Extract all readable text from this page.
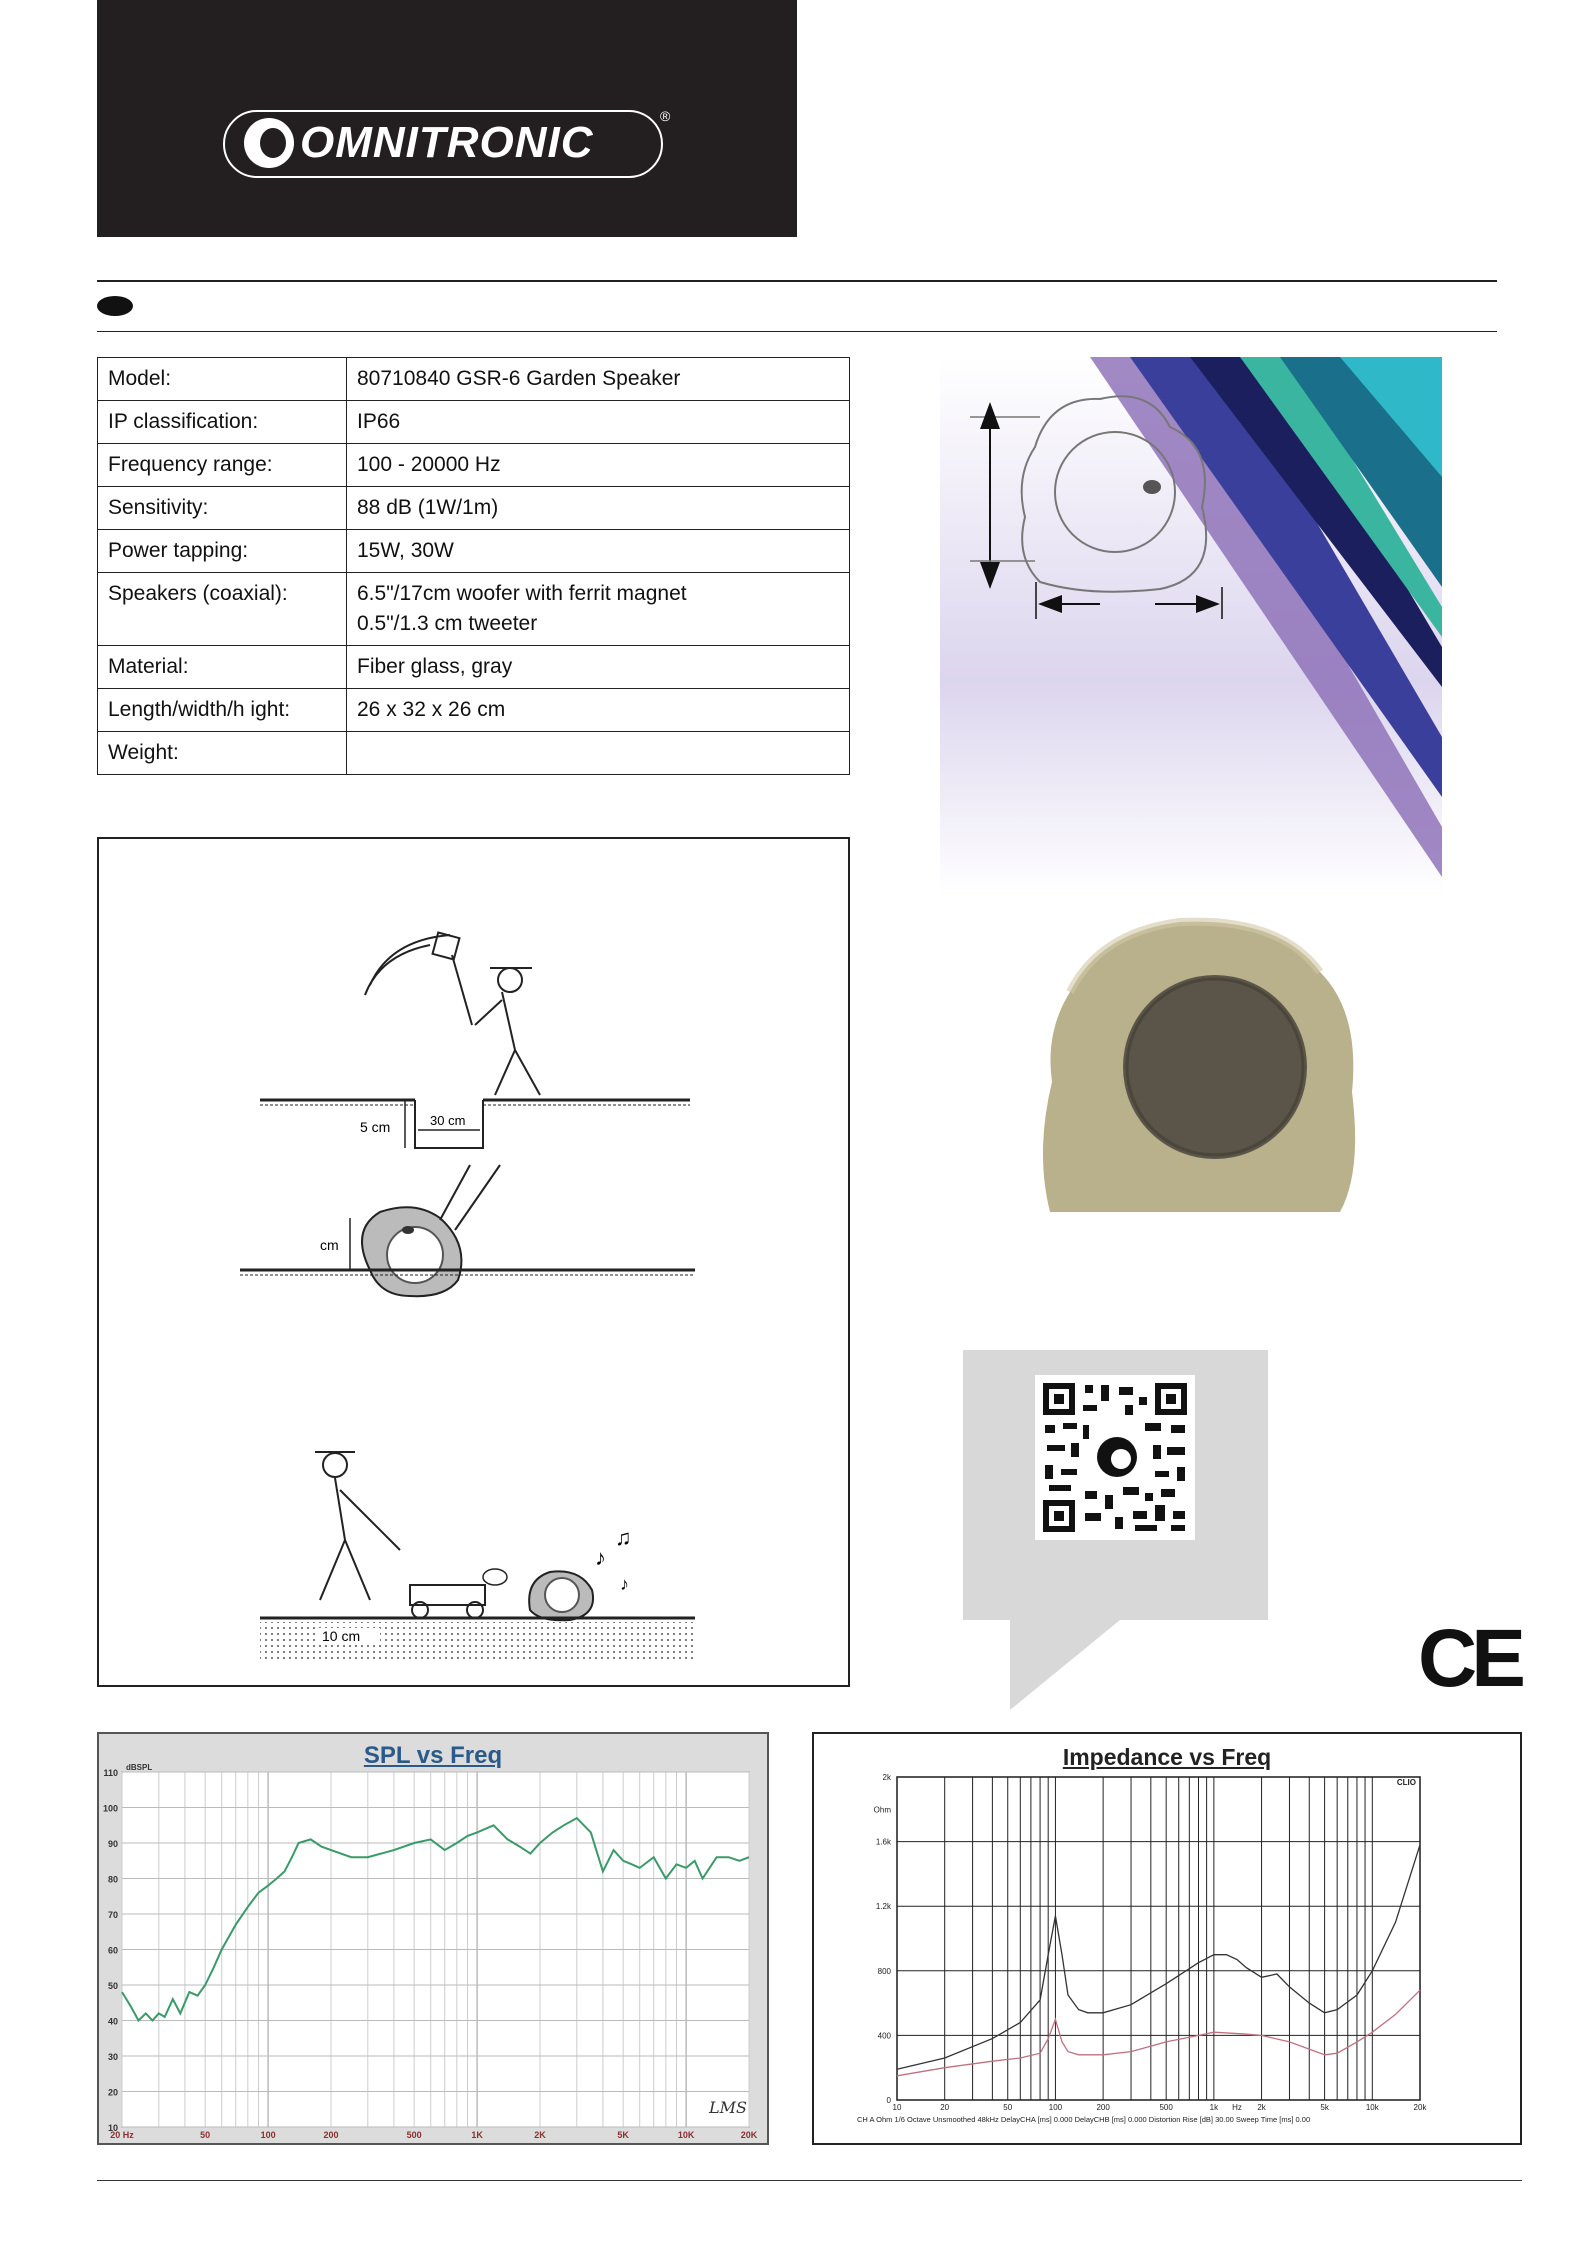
OMNITRONIC
®
Model:	80710840 GSR-6 Garden Speaker

IP classification:	IP66

Frequency range:	100 - 20000 Hz

Sensitivity:	88 dB (1W/1m)

Power tapping:	15W, 30W

Speakers (coaxial):	6.5"/17cm woofer with ferrit magnet
0.5"/1.3 cm tweeter

Material:	Fiber glass, gray

Length/width/h ight:	26 x 32 x 26 cm

Weight:	
5 cm	30 cm
cm
♪
♫
♪
10 cm	CE
SPL vs Freq
110
100
90
80
70
60
50
40
30
20
10
dBSPL
20 Hz	50	100	200	500	1K	2K	5K	10K	20K
LMS
Impedance vs Freq
2k
Ohm
1.6k
1.2k
800
400
0
10	20	50	100	200	500	1k Hz 2k	5k	10k	20k
CLIO
CH A Ohm 1/6 Octave Unsmoothed 48kHz DelayCHA [ms] 0.000 DelayCHB [ms] 0.000 Distortion Rise [dB] 30.00 Sweep Time [ms] 0.00
